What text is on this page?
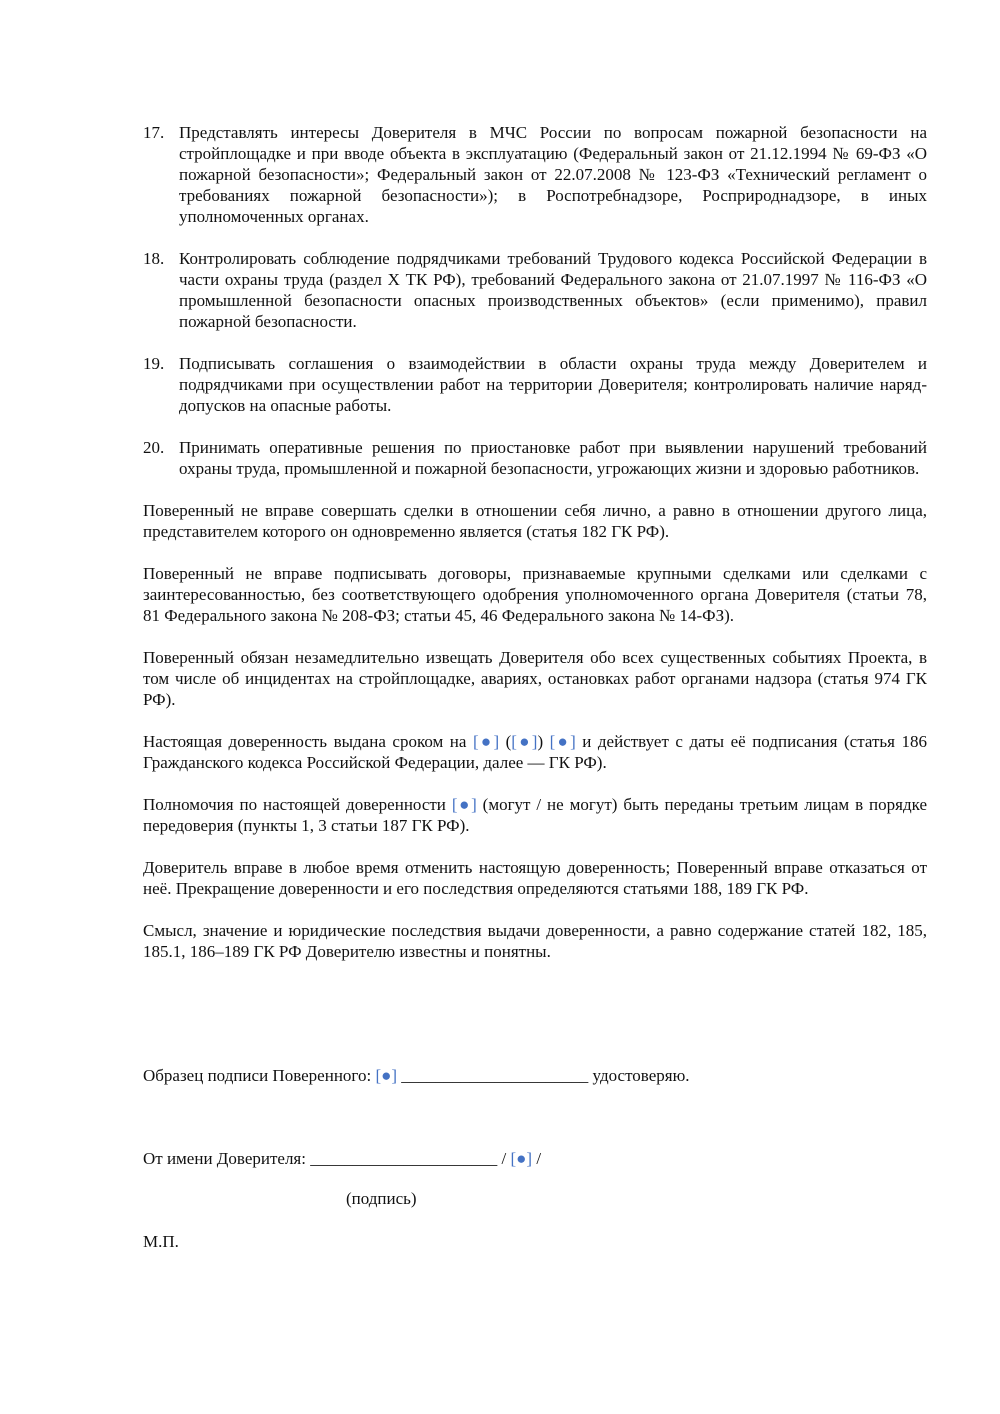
17. Представлять интересы Доверителя в МЧС России по вопросам пожарной безопасности на стройплощадке и при вводе объекта в эксплуатацию (Федеральный закон от 21.12.1994 № 69-ФЗ «О пожарной безопасности»; Федеральный закон от 22.07.2008 № 123-ФЗ «Технический регламент о требованиях пожарной безопасности»); в Роспотребнадзоре, Росприроднадзоре, в иных уполномоченных органах.
18. Контролировать соблюдение подрядчиками требований Трудового кодекса Российской Федерации в части охраны труда (раздел X ТК РФ), требований Федерального закона от 21.07.1997 № 116-ФЗ «О промышленной безопасности опасных производственных объектов» (если применимо), правил пожарной безопасности.
19. Подписывать соглашения о взаимодействии в области охраны труда между Доверителем и подрядчиками при осуществлении работ на территории Доверителя; контролировать наличие наряд-допусков на опасные работы.
20. Принимать оперативные решения по приостановке работ при выявлении нарушений требований охраны труда, промышленной и пожарной безопасности, угрожающих жизни и здоровью работников.

Поверенный не вправе совершать сделки в отношении себя лично, а равно в отношении другого лица, представителем которого он одновременно является (статья 182 ГК РФ).

Поверенный не вправе подписывать договоры, признаваемые крупными сделками или сделками с заинтересованностью, без соответствующего одобрения уполномоченного органа Доверителя (статьи 78, 81 Федерального закона № 208-ФЗ; статьи 45, 46 Федерального закона № 14-ФЗ).

Поверенный обязан незамедлительно извещать Доверителя обо всех существенных событиях Проекта, в том числе об инцидентах на стройплощадке, авариях, остановках работ органами надзора (статья 974 ГК РФ).

Настоящая доверенность выдана сроком на [●] ([●]) [●] и действует с даты её подписания (статья 186 Гражданского кодекса Российской Федерации, далее — ГК РФ).

Полномочия по настоящей доверенности [●] (могут / не могут) быть переданы третьим лицам в порядке передоверия (пункты 1, 3 статьи 187 ГК РФ).

Доверитель вправе в любое время отменить настоящую доверенность; Поверенный вправе отказаться от неё. Прекращение доверенности и его последствия определяются статьями 188, 189 ГК РФ.

Смысл, значение и юридические последствия выдачи доверенности, а равно содержание статей 182, 185, 185.1, 186–189 ГК РФ Доверителю известны и понятны.

Образец подписи Поверенного: [●] ______________________ удостоверяю.
От имени Доверителя: ______________________ / [●] /
(подпись)
М.П.
